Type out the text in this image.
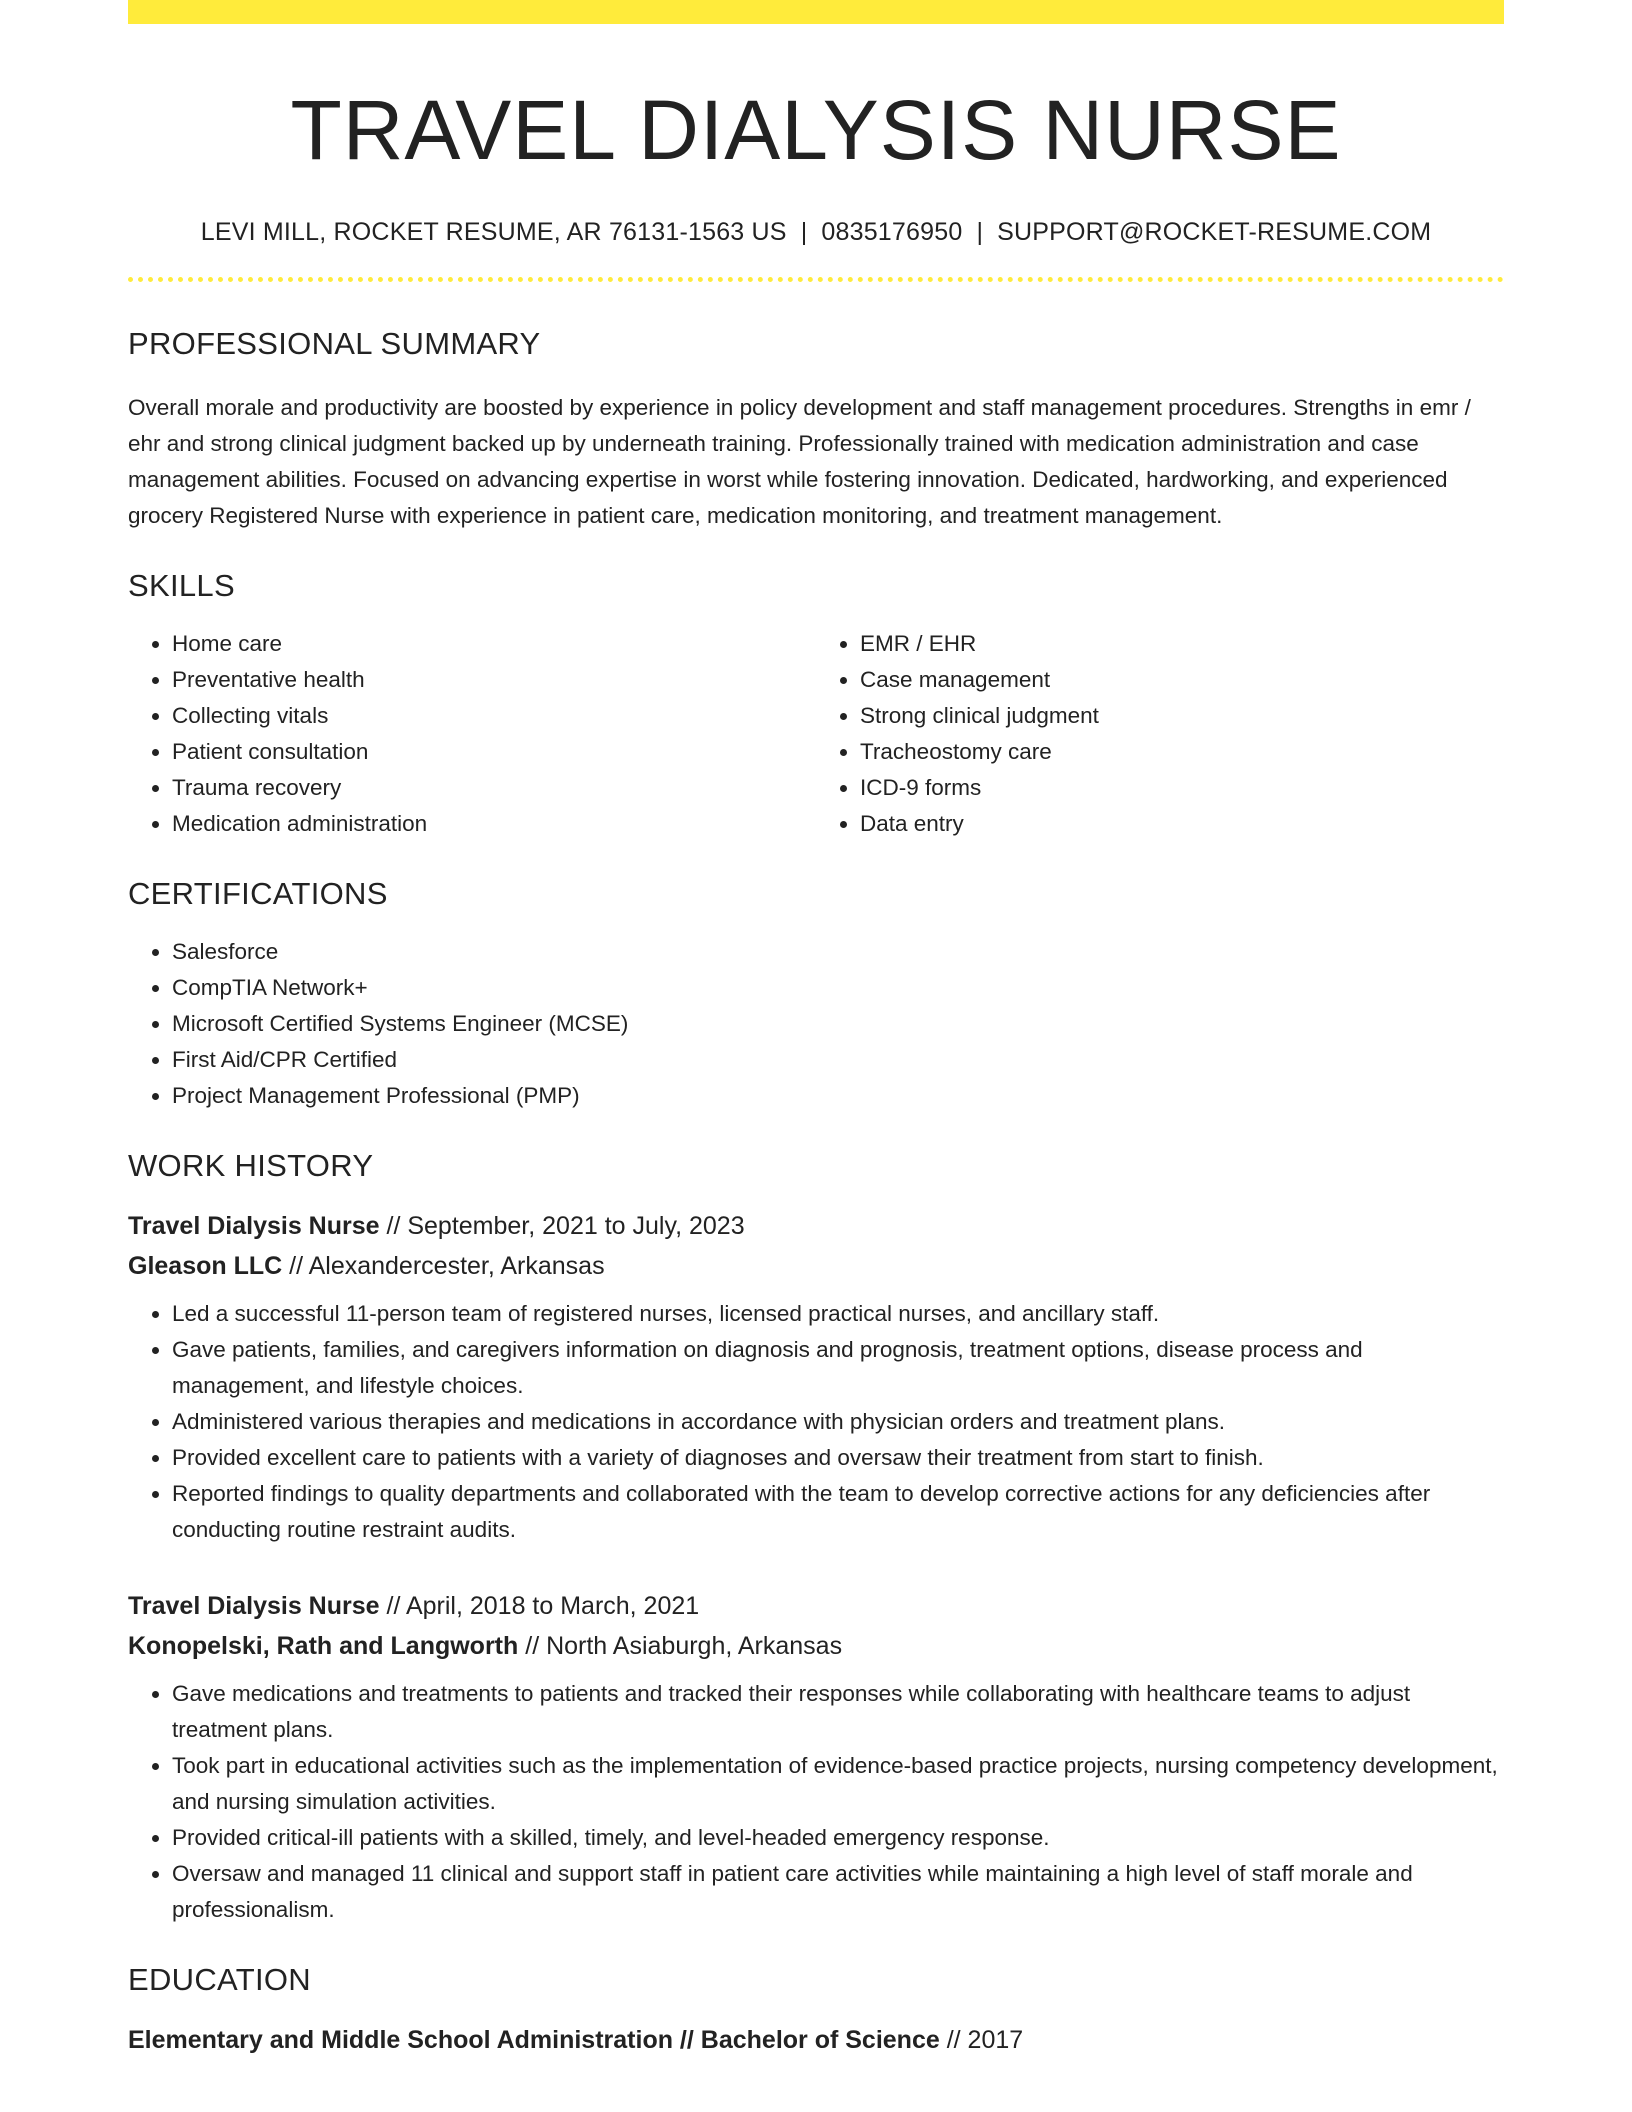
TRAVEL DIALYSIS NURSE
LEVI MILL, ROCKET RESUME, AR 76131-1563 US | 0835176950 | SUPPORT@ROCKET-RESUME.COM
PROFESSIONAL SUMMARY

Overall morale and productivity are boosted by experience in policy development and staff management procedures. Strengths in emr / ehr and strong clinical judgment backed up by underneath training. Professionally trained with medication administration and case management abilities. Focused on advancing expertise in worst while fostering innovation. Dedicated, hardworking, and experienced grocery Registered Nurse with experience in patient care, medication monitoring, and treatment management.

SKILLS
• Home care
• Preventative health
• Collecting vitals
• Patient consultation
• Trauma recovery
• Medication administration
• EMR / EHR
• Case management
• Strong clinical judgment
• Tracheostomy care
• ICD-9 forms
• Data entry
CERTIFICATIONS
• Salesforce
• CompTIA Network+
• Microsoft Certified Systems Engineer (MCSE)
• First Aid/CPR Certified
• Project Management Professional (PMP)
WORK HISTORY
Travel Dialysis Nurse // September, 2021 to July, 2023
Gleason LLC // Alexandercester, Arkansas
• Led a successful 11-person team of registered nurses, licensed practical nurses, and ancillary staff.
• Gave patients, families, and caregivers information on diagnosis and prognosis, treatment options, disease process and management, and lifestyle choices.
• Administered various therapies and medications in accordance with physician orders and treatment plans.
• Provided excellent care to patients with a variety of diagnoses and oversaw their treatment from start to finish.
• Reported findings to quality departments and collaborated with the team to develop corrective actions for any deficiencies after conducting routine restraint audits.
Travel Dialysis Nurse // April, 2018 to March, 2021
Konopelski, Rath and Langworth // North Asiaburgh, Arkansas
• Gave medications and treatments to patients and tracked their responses while collaborating with healthcare teams to adjust treatment plans.
• Took part in educational activities such as the implementation of evidence-based practice projects, nursing competency development, and nursing simulation activities.
• Provided critical-ill patients with a skilled, timely, and level-headed emergency response.
• Oversaw and managed 11 clinical and support staff in patient care activities while maintaining a high level of staff morale and professionalism.
EDUCATION
Elementary and Middle School Administration // Bachelor of Science // 2017
